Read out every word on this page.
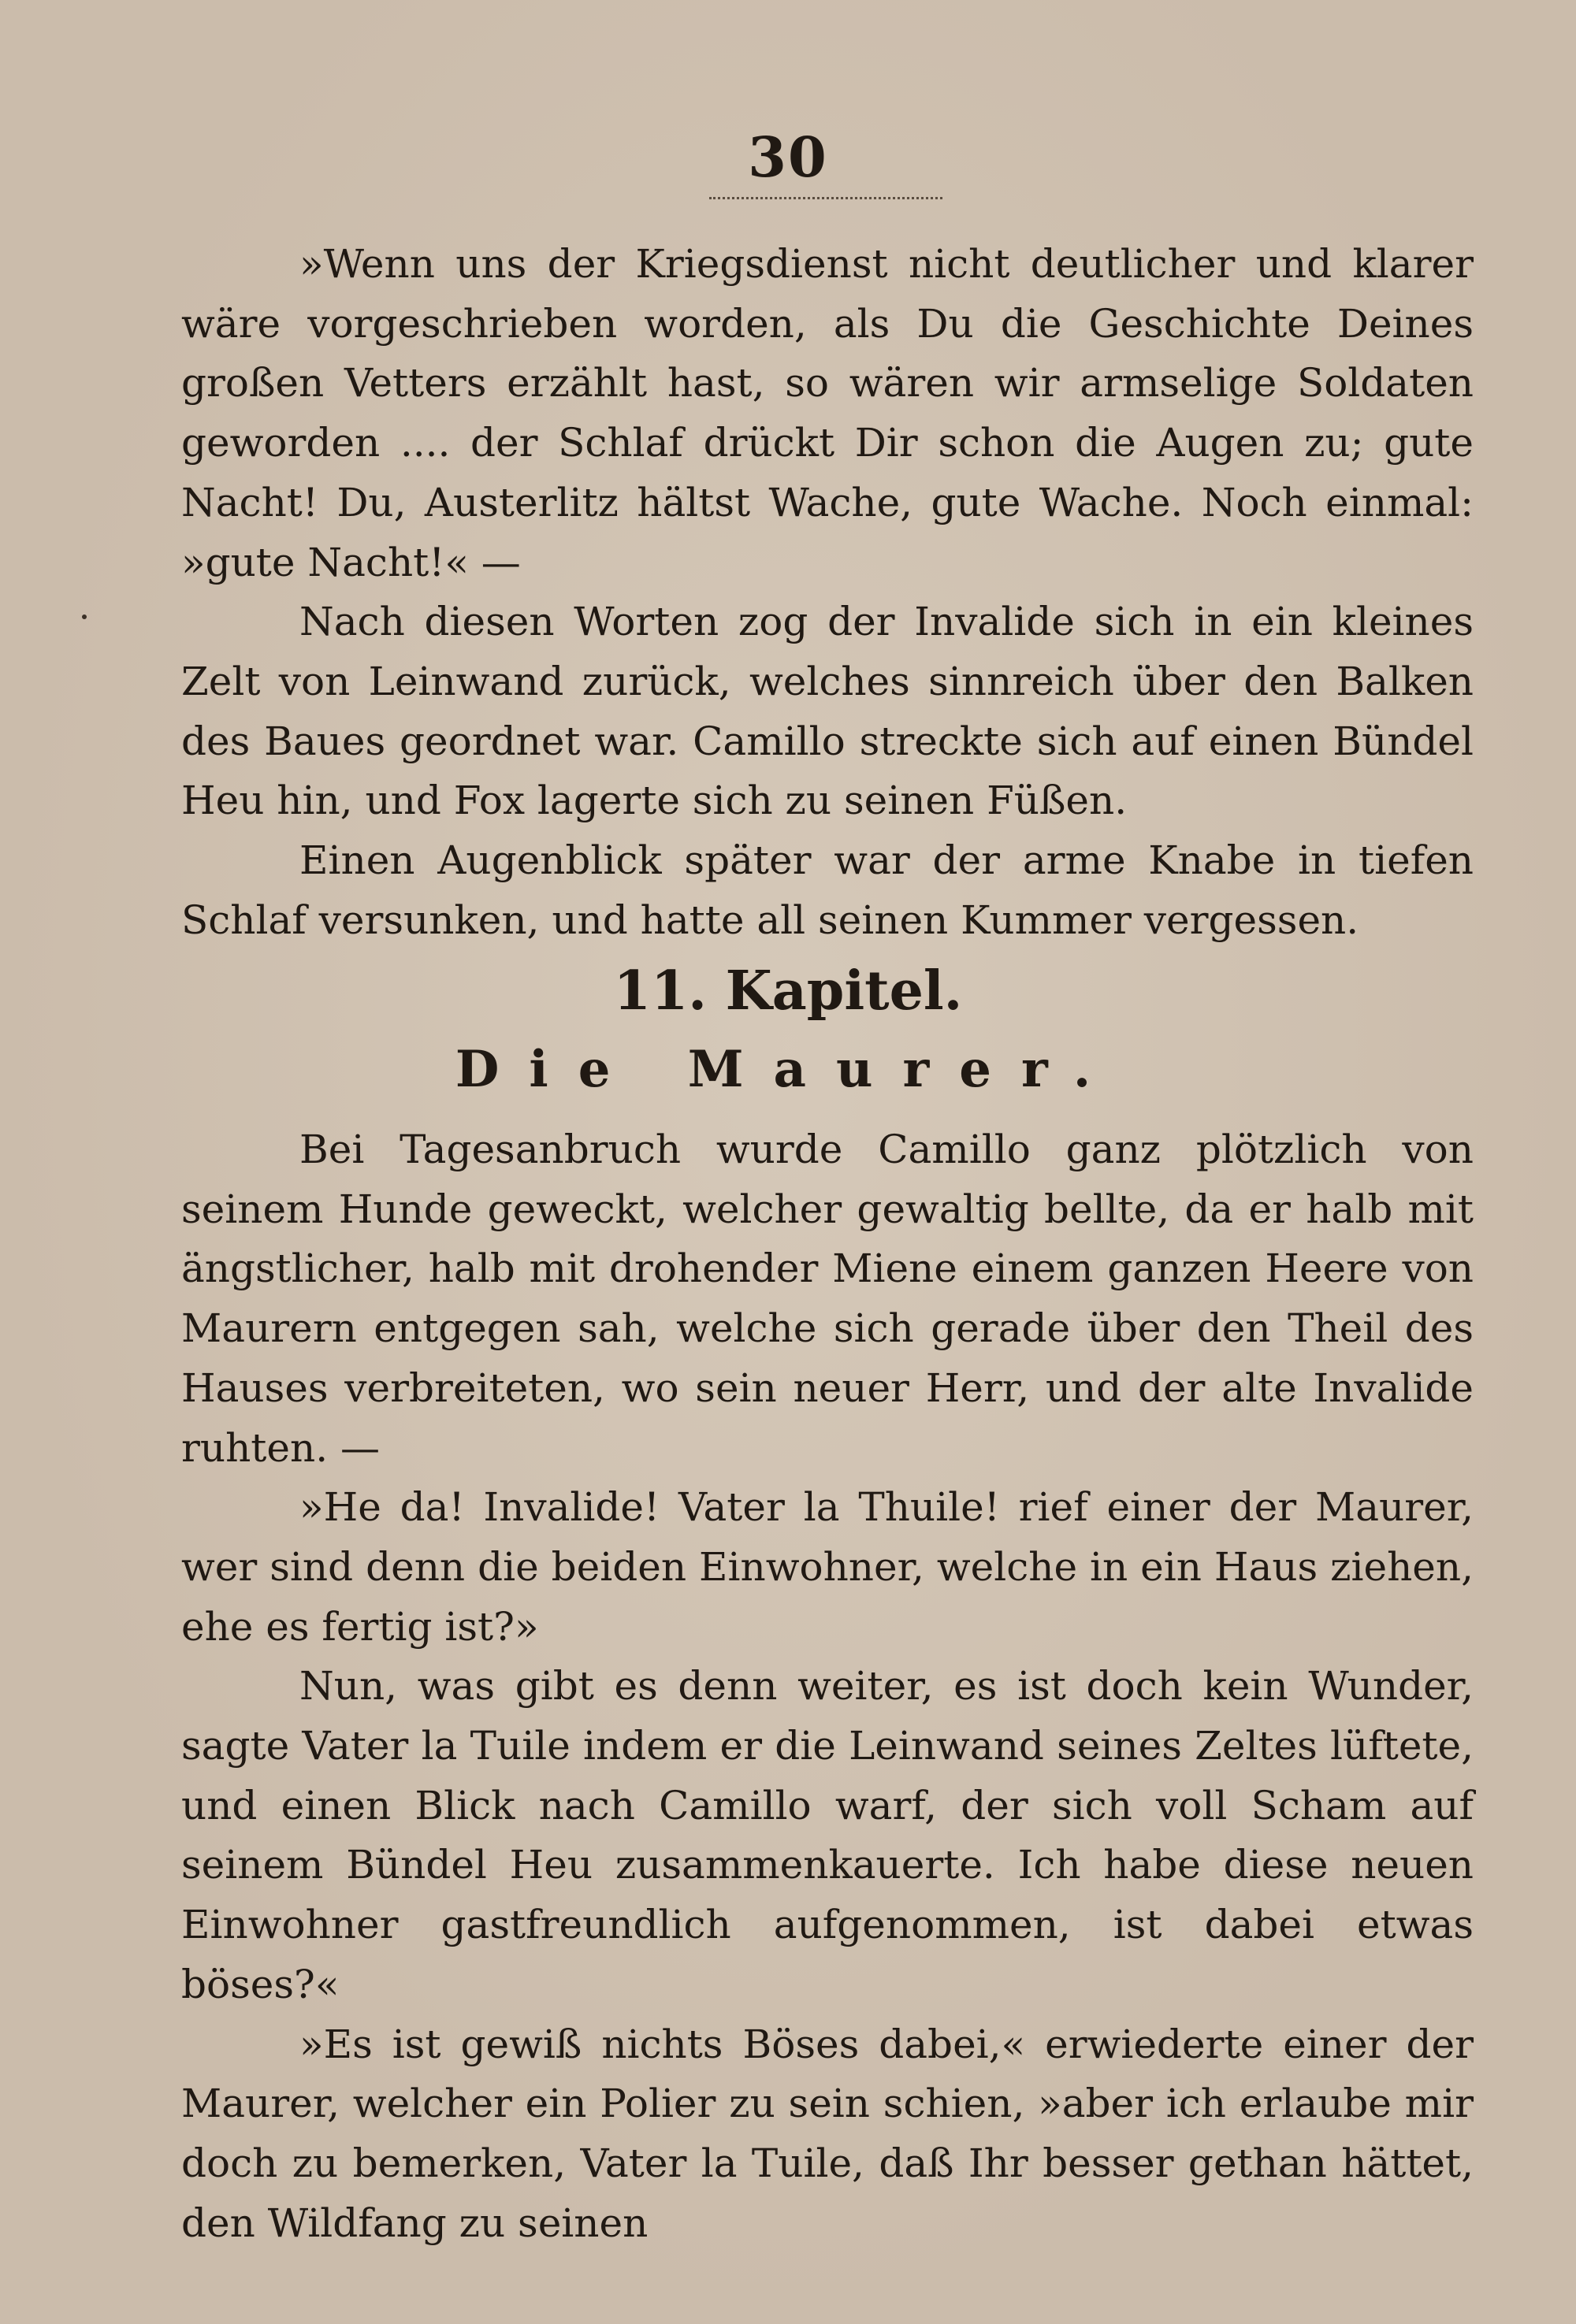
30

»Wenn uns der Kriegsdienst nicht deutlicher und klarer wäre vorgeschrieben worden, als Du die Geschichte Deines großen Vetters erzählt hast, so wären wir armselige Soldaten geworden .... der Schlaf drückt Dir schon die Augen zu; gute Nacht! Du, Austerlitz hältst Wache, gute Wache. Noch einmal: »gute Nacht!« —

Nach diesen Worten zog der Invalide sich in ein kleines Zelt von Leinwand zurück, welches sinnreich über den Balken des Baues geordnet war. Camillo streckte sich auf einen Bündel Heu hin, und Fox lagerte sich zu seinen Füßen.

Einen Augenblick später war der arme Knabe in tiefen Schlaf versunken, und hatte all seinen Kummer vergessen.

11. Kapitel.
Die Maurer.

Bei Tagesanbruch wurde Camillo ganz plötzlich von seinem Hunde geweckt, welcher gewaltig bellte, da er halb mit ängstlicher, halb mit drohender Miene einem ganzen Heere von Maurern entgegen sah, welche sich gerade über den Theil des Hauses verbreiteten, wo sein neuer Herr, und der alte Invalide ruhten. —

»He da! Invalide! Vater la Thuile! rief einer der Maurer, wer sind denn die beiden Einwohner, welche in ein Haus ziehen, ehe es fertig ist?»

Nun, was gibt es denn weiter, es ist doch kein Wunder, sagte Vater la Tuile indem er die Leinwand seines Zeltes lüftete, und einen Blick nach Camillo warf, der sich voll Scham auf seinem Bündel Heu zusammenkauerte. Ich habe diese neuen Einwohner gastfreundlich aufgenommen, ist dabei etwas böses?«

»Es ist gewiß nichts Böses dabei,« erwiederte einer der Maurer, welcher ein Polier zu sein schien, »aber ich erlaube mir doch zu bemerken, Vater la Tuile, daß Ihr besser gethan hättet, den Wildfang zu seinen
